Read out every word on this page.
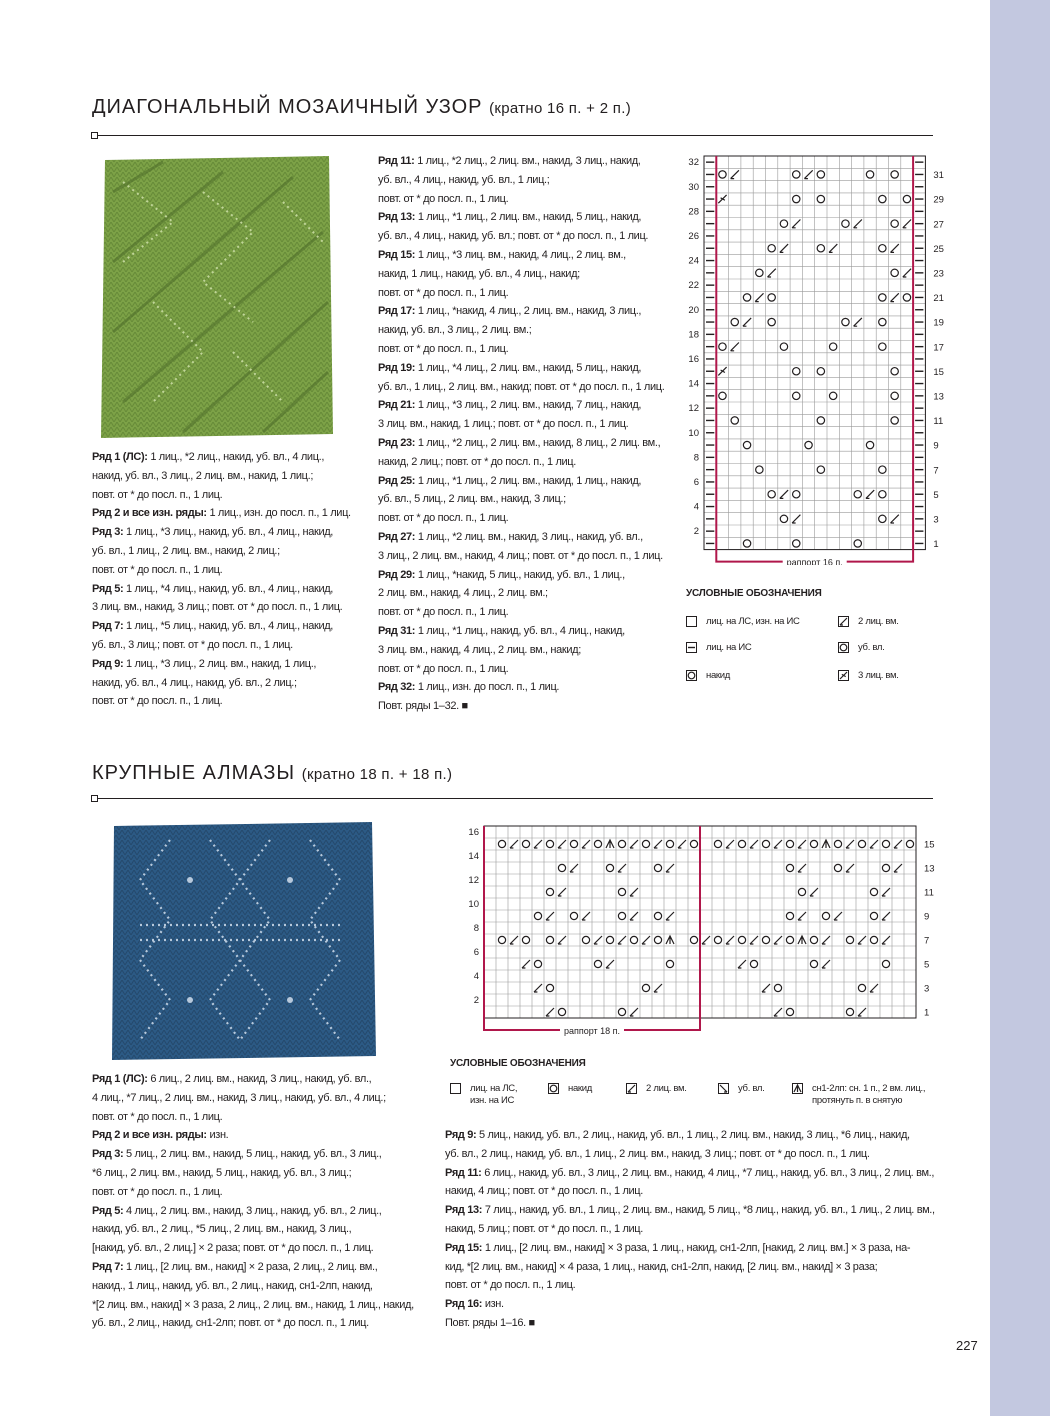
ДИАГОНАЛЬНЫЙ МОЗАИЧНЫЙ УЗОР (кратно 16 п. + 2 п.)
Ряд 1 (ЛС): 1 лиц., *2 лиц., накид, уб. вл., 4 лиц.,
накид, уб. вл., 3 лиц., 2 лиц. вм., накид, 1 лиц.;
повт. от * до посл. п., 1 лиц.
Ряд 2 и все изн. ряды: 1 лиц., изн. до посл. п., 1 лиц.
Ряд 3: 1 лиц., *3 лиц., накид, уб. вл., 4 лиц., накид,
уб. вл., 1 лиц., 2 лиц. вм., накид, 2 лиц.;
повт. от * до посл. п., 1 лиц.
Ряд 5: 1 лиц., *4 лиц., накид, уб. вл., 4 лиц., накид,
3 лиц. вм., накид, 3 лиц.; повт. от * до посл. п., 1 лиц.
Ряд 7: 1 лиц., *5 лиц., накид, уб. вл., 4 лиц., накид,
уб. вл., 3 лиц.; повт. от * до посл. п., 1 лиц.
Ряд 9: 1 лиц., *3 лиц., 2 лиц. вм., накид, 1 лиц.,
накид, уб. вл., 4 лиц., накид, уб. вл., 2 лиц.;
повт. от * до посл. п., 1 лиц.
Ряд 11: 1 лиц., *2 лиц., 2 лиц. вм., накид, 3 лиц., накид,
уб. вл., 4 лиц., накид, уб. вл., 1 лиц.;
повт. от * до посл. п., 1 лиц.
Ряд 13: 1 лиц., *1 лиц., 2 лиц. вм., накид, 5 лиц., накид,
уб. вл., 4 лиц., накид, уб. вл.; повт. от * до посл. п., 1 лиц.
Ряд 15: 1 лиц., *3 лиц. вм., накид, 4 лиц., 2 лиц. вм.,
накид, 1 лиц., накид, уб. вл., 4 лиц., накид;
повт. от * до посл. п., 1 лиц.
Ряд 17: 1 лиц., *накид, 4 лиц., 2 лиц. вм., накид, 3 лиц.,
накид, уб. вл., 3 лиц., 2 лиц. вм.;
повт. от * до посл. п., 1 лиц.
Ряд 19: 1 лиц., *4 лиц., 2 лиц. вм., накид, 5 лиц., накид,
уб. вл., 1 лиц., 2 лиц. вм., накид; повт. от * до посл. п., 1 лиц.
Ряд 21: 1 лиц., *3 лиц., 2 лиц. вм., накид, 7 лиц., накид,
3 лиц. вм., накид, 1 лиц.; повт. от * до посл. п., 1 лиц.
Ряд 23: 1 лиц., *2 лиц., 2 лиц. вм., накид, 8 лиц., 2 лиц. вм.,
накид, 2 лиц.; повт. от * до посл. п., 1 лиц.
Ряд 25: 1 лиц., *1 лиц., 2 лиц. вм., накид, 1 лиц., накид,
уб. вл., 5 лиц., 2 лиц. вм., накид, 3 лиц.;
повт. от * до посл. п., 1 лиц.
Ряд 27: 1 лиц., *2 лиц. вм., накид, 3 лиц., накид, уб. вл.,
3 лиц., 2 лиц. вм., накид, 4 лиц.; повт. от * до посл. п., 1 лиц.
Ряд 29: 1 лиц., *накид, 5 лиц., накид, уб. вл., 1 лиц.,
2 лиц. вм., накид, 4 лиц., 2 лиц. вм.;
повт. от * до посл. п., 1 лиц.
Ряд 31: 1 лиц., *1 лиц., накид, уб. вл., 4 лиц., накид,
3 лиц. вм., накид, 4 лиц., 2 лиц. вм., накид;
повт. от * до посл. п., 1 лиц.
Ряд 32: 1 лиц., изн. до посл. п., 1 лиц.
Повт. ряды 1–32. ■
раппорт 16 п.
32
30
28
26
24
22
20
18
16
14
12
10
8
6
4
2
31
29
27
25
23
21
19
17
15
13
11
9
7
5
3
1
УСЛОВНЫЕ ОБОЗНАЧЕНИЯ
лиц. на ЛС, изн. на ИС	2 лиц. вм.
лиц. на ИС	уб. вл.
накид	3 лиц. вм.
КРУПНЫЕ АЛМАЗЫ (кратно 18 п. + 18 п.)
раппорт 18 п.
16
14
12
10
8
6
4
2
15
13
11
9
7
5
3
1
УСЛОВНЫЕ ОБОЗНАЧЕНИЯ
лиц. на ЛС, изн. на ИС
накид	2 лиц. вм.	уб. вл.	сн1-2лп: сн. 1 п., 2 вм. лиц., протянуть п. в снятую
Ряд 1 (ЛС): 6 лиц., 2 лиц. вм., накид, 3 лиц., накид, уб. вл.,
4 лиц., *7 лиц., 2 лиц. вм., накид, 3 лиц., накид, уб. вл., 4 лиц.;
повт. от * до посл. п., 1 лиц.
Ряд 2 и все изн. ряды: изн.
Ряд 3: 5 лиц., 2 лиц. вм., накид, 5 лиц., накид, уб. вл., 3 лиц.,
*6 лиц., 2 лиц. вм., накид, 5 лиц., накид, уб. вл., 3 лиц.;
повт. от * до посл. п., 1 лиц.
Ряд 5: 4 лиц., 2 лиц. вм., накид, 3 лиц., накид, уб. вл., 2 лиц.,
накид, уб. вл., 2 лиц., *5 лиц., 2 лиц. вм., накид, 3 лиц.,
[накид, уб. вл., 2 лиц.] × 2 раза; повт. от * до посл. п., 1 лиц.
Ряд 7: 1 лиц., [2 лиц. вм., накид] × 2 раза, 2 лиц., 2 лиц. вм.,
накид., 1 лиц., накид, уб. вл., 2 лиц., накид, сн1-2лп, накид,
*[2 лиц. вм., накид] × 3 раза, 2 лиц., 2 лиц. вм., накид, 1 лиц., накид,
уб. вл., 2 лиц., накид, сн1-2лп; повт. от * до посл. п., 1 лиц.
Ряд 9: 5 лиц., накид, уб. вл., 2 лиц., накид, уб. вл., 1 лиц., 2 лиц. вм., накид, 3 лиц., *6 лиц., накид,
уб. вл., 2 лиц., накид, уб. вл., 1 лиц., 2 лиц. вм., накид, 3 лиц.; повт. от * до посл. п., 1 лиц.
Ряд 11: 6 лиц., накид, уб. вл., 3 лиц., 2 лиц. вм., накид, 4 лиц., *7 лиц., накид, уб. вл., 3 лиц., 2 лиц. вм.,
накид, 4 лиц.; повт. от * до посл. п., 1 лиц.
Ряд 13: 7 лиц., накид, уб. вл., 1 лиц., 2 лиц. вм., накид, 5 лиц., *8 лиц., накид, уб. вл., 1 лиц., 2 лиц. вм.,
накид, 5 лиц.; повт. от * до посл. п., 1 лиц.
Ряд 15: 1 лиц., [2 лиц. вм., накид] × 3 раза, 1 лиц., накид, сн1-2лп, [накид, 2 лиц. вм.] × 3 раза, на-
кид, *[2 лиц. вм., накид] × 4 раза, 1 лиц., накид, сн1-2лп, накид, [2 лиц. вм., накид] × 3 раза;
повт. от * до посл. п., 1 лиц.
Ряд 16: изн.
Повт. ряды 1–16. ■
227
